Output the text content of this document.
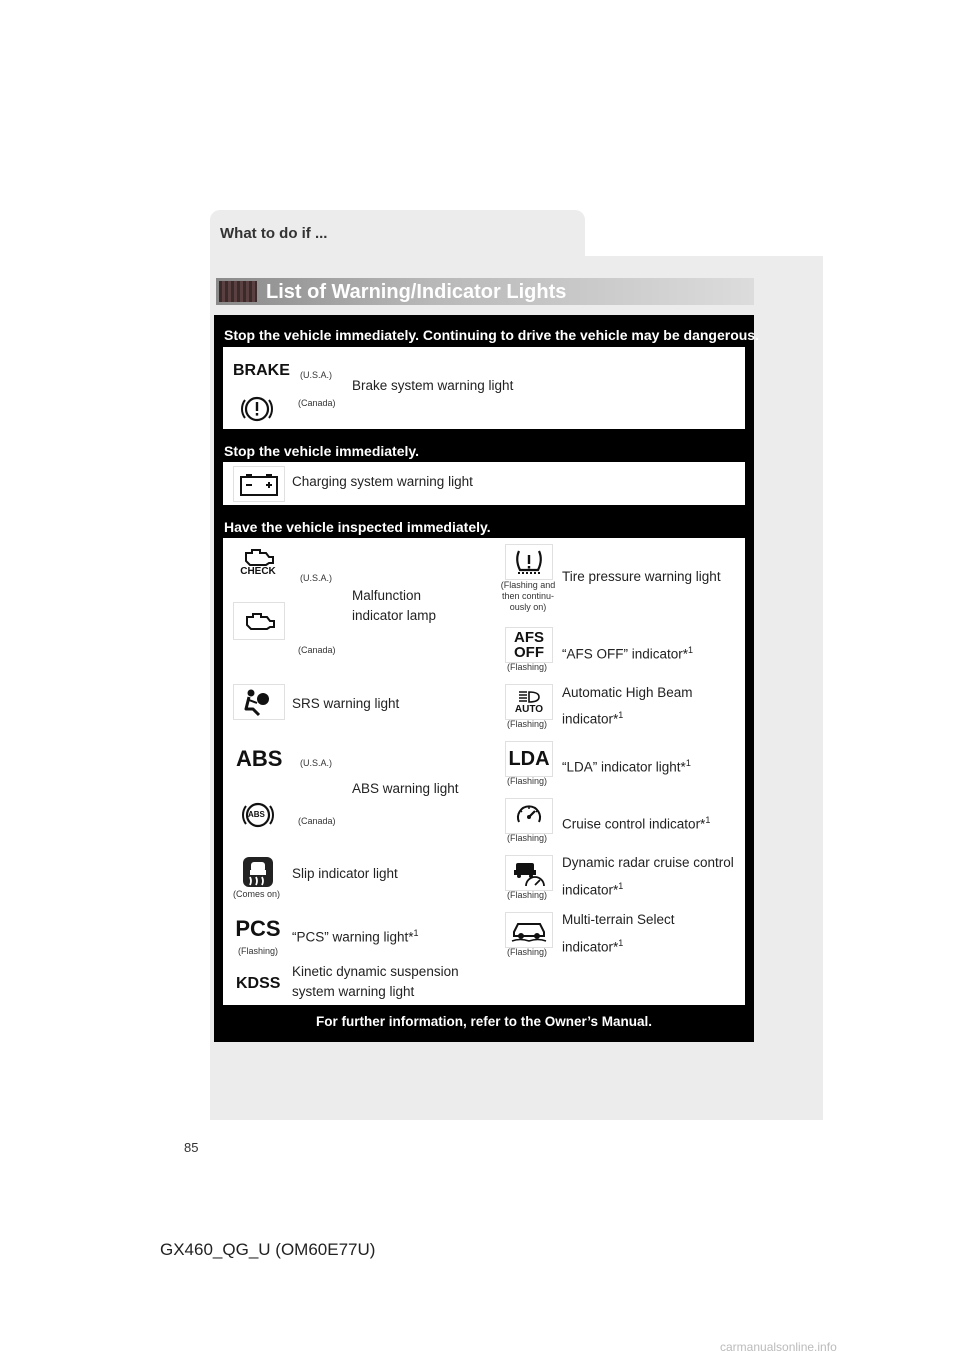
What to do if ...
List of Warning/Indicator Lights
Stop the vehicle immediately. Continuing to drive the vehicle may be dangerous.
BRAKE (U.S.A.)
(Canada)
Brake system warning light
Stop the vehicle immediately.
Charging system warning light
Have the vehicle inspected immediately.
CHECK
(U.S.A.)
(Canada)
Malfunction
indicator lamp
(Flashing and then continu-ously on)
Tire pressure warning light
AFS
OFF
(Flashing)
“AFS OFF” indicator*$^1$
SRS warning light	AUTO
(Flashing)
Automatic High Beam
indicator*$^1$
ABS (U.S.A.)
ABS
(Canada)
ABS warning light
LDA
(Flashing)
“LDA” indicator light*$^1$
(Flashing)
Cruise control indicator*$^1$
(Comes on)
Slip indicator light
(Flashing)
Dynamic radar cruise control
indicator*$^1$
PCS
(Flashing)
“PCS” warning light*$^1$
(Flashing)
Multi-terrain Select
indicator*$^1$
KDSS
Kinetic dynamic suspension
system warning light
For further information, refer to the Owner’s Manual.
85
GX460_QG_U (OM60E77U)
carmanualsonline.info
